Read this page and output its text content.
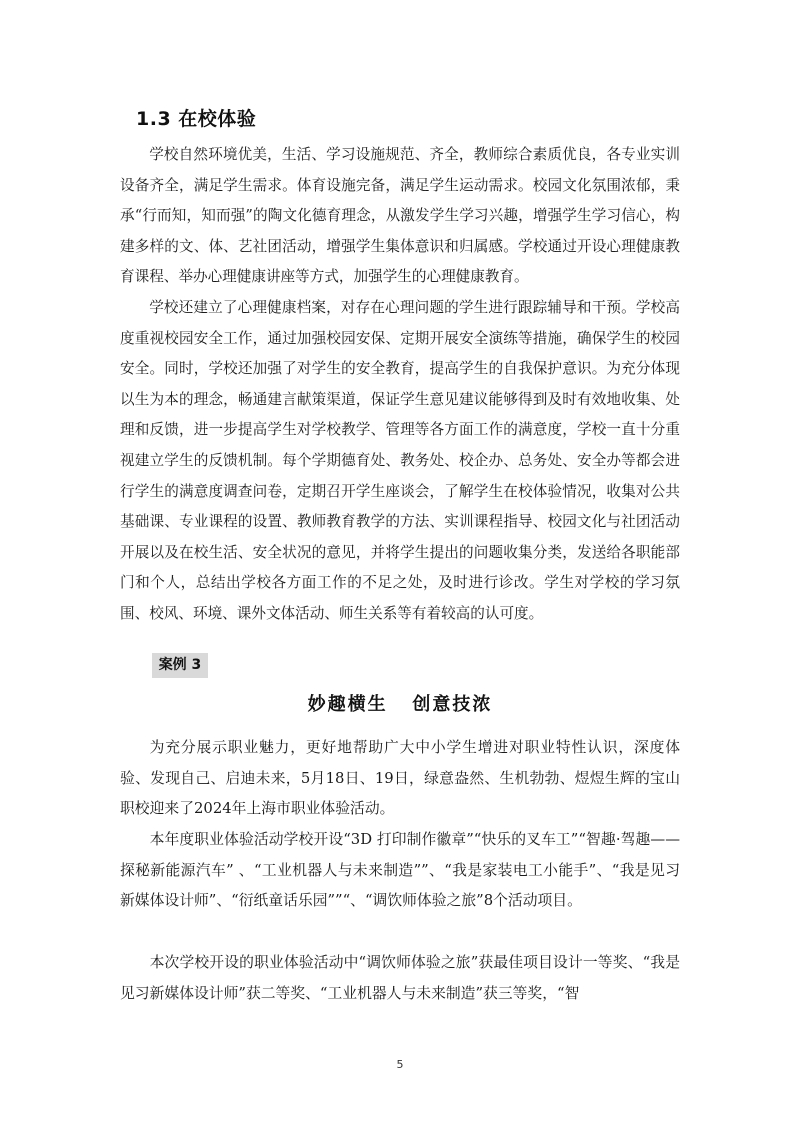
1.3 在校体验

学校自然环境优美，生活、学习设施规范、齐全，教师综合素质优良，各专业实训设备齐全，满足学生需求。体育设施完备，满足学生运动需求。校园文化氛围浓郁，秉承“行而知，知而强”的陶文化德育理念，从激发学生学习兴趣，增强学生学习信心，构建多样的文、体、艺社团活动，增强学生集体意识和归属感。学校通过开设心理健康教育课程、举办心理健康讲座等方式，加强学生的心理健康教育。

学校还建立了心理健康档案，对存在心理问题的学生进行跟踪辅导和干预。学校高度重视校园安全工作，通过加强校园安保、定期开展安全演练等措施，确保学生的校园安全。同时，学校还加强了对学生的安全教育，提高学生的自我保护意识。为充分体现以生为本的理念，畅通建言献策渠道，保证学生意见建议能够得到及时有效地收集、处理和反馈，进一步提高学生对学校教学、管理等各方面工作的满意度，学校一直十分重视建立学生的反馈机制。每个学期德育处、教务处、校企办、总务处、安全办等都会进行学生的满意度调查问卷，定期召开学生座谈会，了解学生在校体验情况，收集对公共基础课、专业课程的设置、教师教育教学的方法、实训课程指导、校园文化与社团活动开展以及在校生活、安全状况的意见，并将学生提出的问题收集分类，发送给各职能部门和个人，总结出学校各方面工作的不足之处，及时进行诊改。学生对学校的学习氛围、校风、环境、课外文体活动、师生关系等有着较高的认可度。

案例 3
妙趣横生   创意技浓

为充分展示职业魅力，更好地帮助广大中小学生增进对职业特性认识，深度体验、发现自己、启迪未来，5月18日、19日，绿意盎然、生机勃勃、煜煜生辉的宝山职校迎来了2024年上海市职业体验活动。

本年度职业体验活动学校开设“3D 打印制作徽章”“快乐的叉车工”“智趣·驾趣——探秘新能源汽车” 、“工业机器人与未来制造””、“我是家装电工小能手”、“我是见习新媒体设计师”、“衍纸童话乐园””“、“调饮师体验之旅”8个活动项目。

本次学校开设的职业体验活动中“调饮师体验之旅”获最佳项目设计一等奖、“我是见习新媒体设计师”获二等奖、“工业机器人与未来制造”获三等奖，“智

5
